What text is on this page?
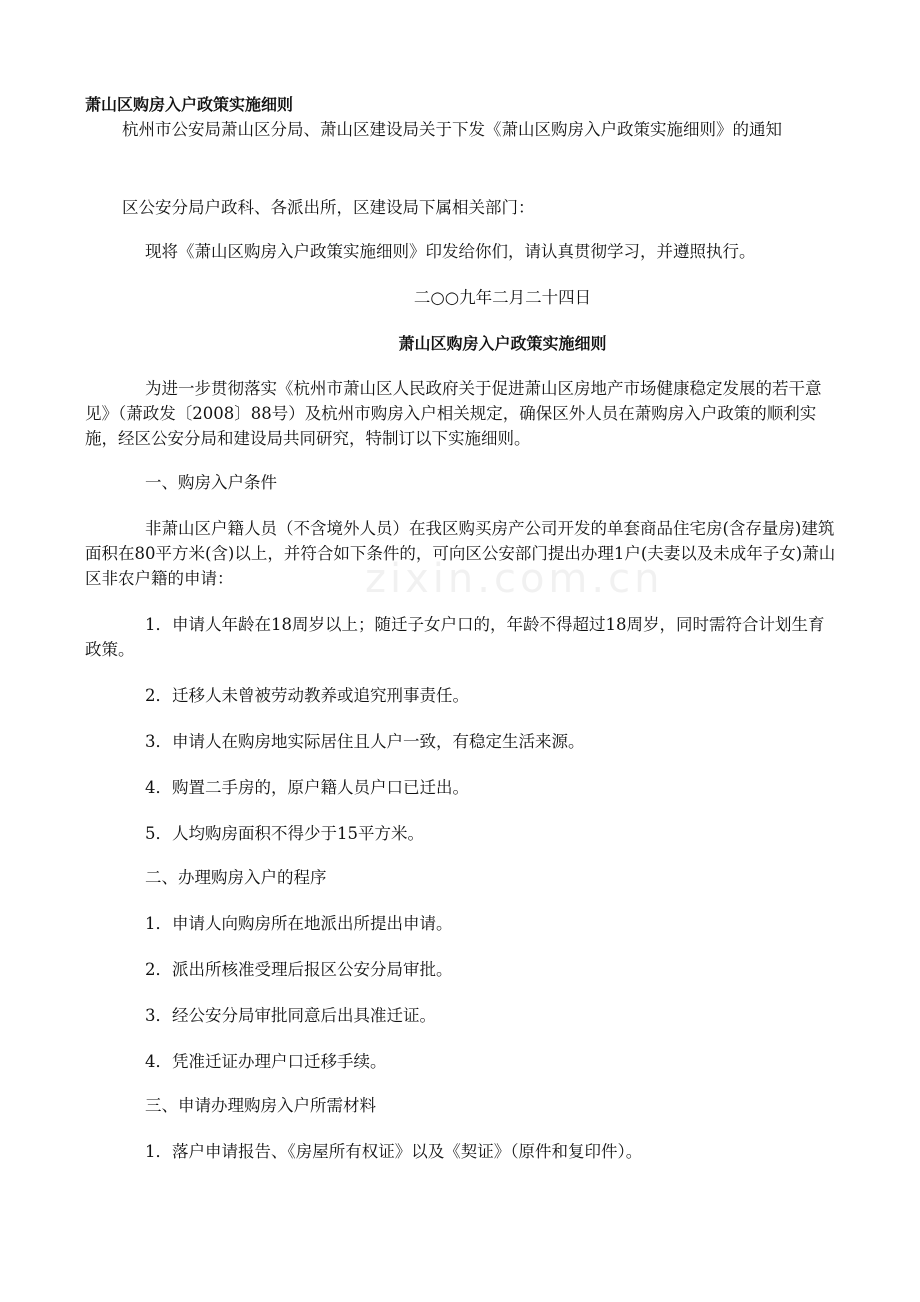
zixin.com.cn

萧山区购房入户政策实施细则

杭州市公安局萧山区分局、萧山区建设局关于下发《萧山区购房入户政策实施细则》的通知

区公安分局户政科、各派出所，区建设局下属相关部门：

现将《萧山区购房入户政策实施细则》印发给你们，请认真贯彻学习，并遵照执行。

二○○九年二月二十四日

萧山区购房入户政策实施细则

为进一步贯彻落实《杭州市萧山区人民政府关于促进萧山区房地产市场健康稳定发展的若干意见》（萧政发〔2008〕88号）及杭州市购房入户相关规定，确保区外人员在萧购房入户政策的顺利实施，经区公安分局和建设局共同研究，特制订以下实施细则。

一、购房入户条件

非萧山区户籍人员（不含境外人员）在我区购买房产公司开发的单套商品住宅房(含存量房)建筑面积在80平方米(含)以上，并符合如下条件的，可向区公安部门提出办理1户(夫妻以及未成年子女)萧山区非农户籍的申请：

1．申请人年龄在18周岁以上；随迁子女户口的，年龄不得超过18周岁，同时需符合计划生育政策。

2．迁移人未曾被劳动教养或追究刑事责任。

3．申请人在购房地实际居住且人户一致，有稳定生活来源。

4．购置二手房的，原户籍人员户口已迁出。

5．人均购房面积不得少于15平方米。

二、办理购房入户的程序

1．申请人向购房所在地派出所提出申请。

2．派出所核准受理后报区公安分局审批。

3．经公安分局审批同意后出具准迁证。

4．凭准迁证办理户口迁移手续。

三、申请办理购房入户所需材料

1．落户申请报告、《房屋所有权证》以及《契证》（原件和复印件）。
